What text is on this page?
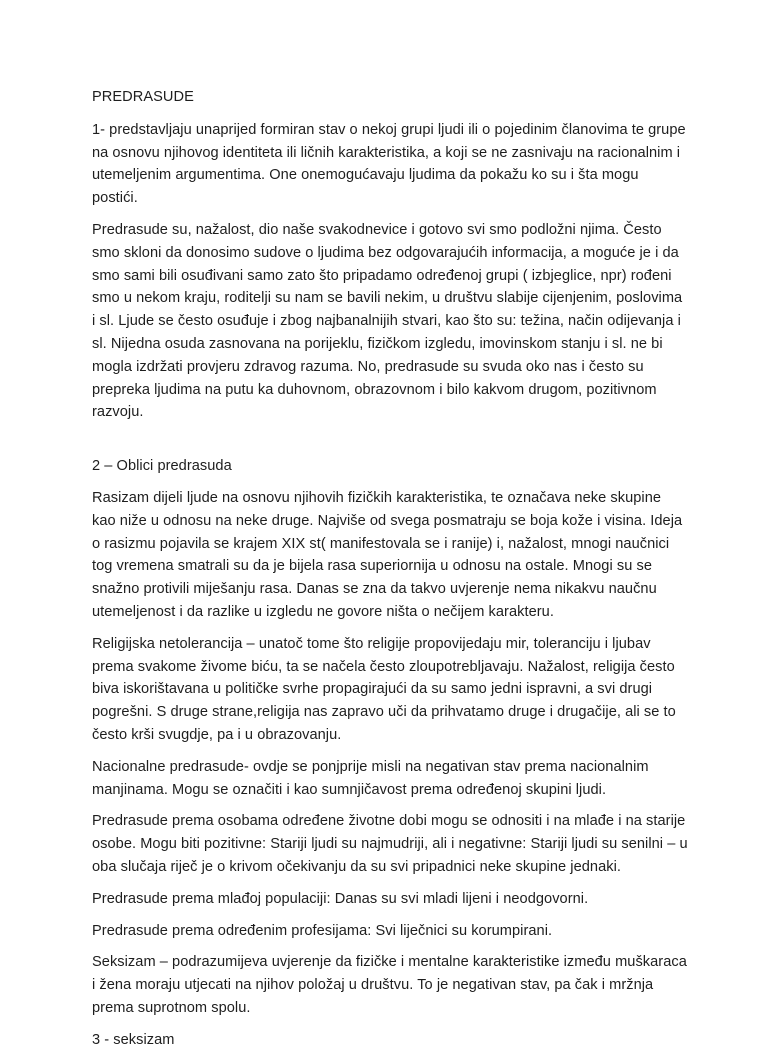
PREDRASUDE

1- predstavljaju unaprijed formiran stav o nekoj grupi ljudi ili o pojedinim članovima te grupe na osnovu njihovog identiteta ili ličnih karakteristika, a koji se ne zasnivaju na racionalnim i utemeljenim argumentima. One onemogućavaju ljudima da pokažu ko su i šta mogu postići.

Predrasude su, nažalost, dio naše svakodnevice i gotovo svi smo podložni njima. Često smo skloni da donosimo sudove o ljudima bez odgovarajućih informacija, a moguće je i da smo sami bili osuđivani samo zato što pripadamo određenoj grupi ( izbjeglice, npr) rođeni smo u nekom kraju, roditelji su nam se bavili nekim, u društvu slabije cijenjenim, poslovima i sl. Ljude se često osuđuje i zbog najbanalnijih stvari, kao što su: težina, način odijevanja i sl. Nijedna osuda zasnovana na porijeklu, fizičkom izgledu, imovinskom stanju i sl. ne bi mogla izdržati provjeru zdravog razuma. No, predrasude su svuda oko nas i često su prepreka ljudima na putu ka duhovnom, obrazovnom i bilo kakvom drugom, pozitivnom razvoju.

2 – Oblici predrasuda

Rasizam dijeli ljude na osnovu njihovih fizičkih karakteristika, te označava neke skupine kao niže u odnosu na neke druge. Najviše od svega posmatraju se boja kože i visina. Ideja o rasizmu pojavila se krajem XIX st( manifestovala se i ranije) i, nažalost, mnogi naučnici tog vremena smatrali su da je bijela rasa superiornija u odnosu na ostale. Mnogi su se snažno protivili miješanju rasa. Danas se zna da takvo uvjerenje nema nikakvu naučnu utemeljenost i da razlike u izgledu ne govore ništa o nečijem karakteru.

Religijska netolerancija – unatoč tome što religije propovijedaju mir, toleranciju i ljubav prema svakome živome biću, ta se načela često zloupotrebljavaju. Nažalost, religija često biva iskorištavana u političke svrhe propagirajući da su samo jedni ispravni, a svi drugi pogrešni. S druge strane,religija nas zapravo uči da prihvatamo druge i drugačije, ali se to često krši svugdje, pa i u obrazovanju.

Nacionalne predrasude- ovdje se ponjprije misli na negativan stav prema nacionalnim manjinama. Mogu se označiti i kao sumnjičavost prema određenoj skupini ljudi.

Predrasude prema osobama određene životne dobi mogu se odnositi i na mlađe i na starije osobe. Mogu biti pozitivne: Stariji ljudi su najmudriji, ali i negativne: Stariji ljudi su senilni – u oba slučaja riječ je o krivom očekivanju da su svi pripadnici neke skupine jednaki.

Predrasude prema mlađoj populaciji: Danas su svi mladi lijeni i neodgovorni.

Predrasude prema određenim profesijama: Svi liječnici su korumpirani.

Seksizam – podrazumijeva uvjerenje da fizičke i mentalne karakteristike između muškaraca i žena moraju utjecati na njihov položaj u društvu. To je negativan stav, pa čak i mržnja prema suprotnom spolu.

3 - seksizam
